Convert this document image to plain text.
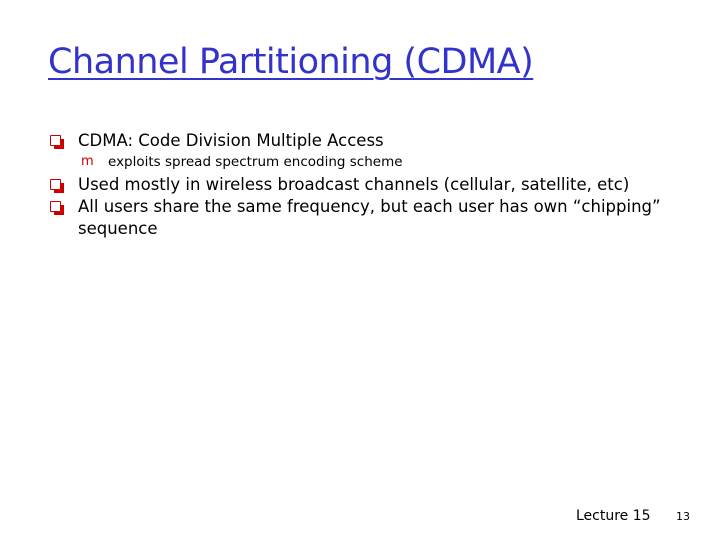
Channel Partitioning (CDMA)
CDMA: Code Division Multiple Access
m exploits spread spectrum encoding scheme
Used mostly in wireless broadcast channels (cellular, satellite, etc)
All users share the same frequency, but each user has own “chipping” sequence
Lecture 15 13
